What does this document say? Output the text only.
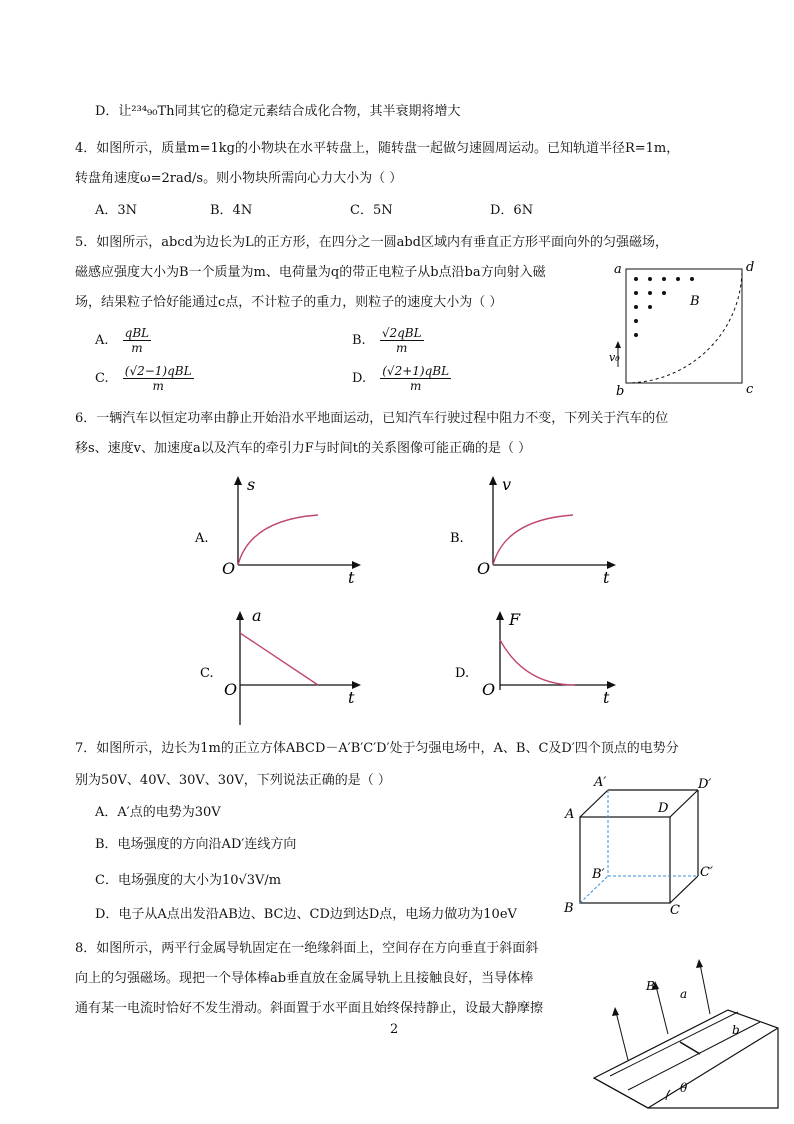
D．让²³⁴₉₀Th同其它的稳定元素结合成化合物，其半衰期将增大
4．如图所示，质量m=1kg的小物块在水平转盘上，随转盘一起做匀速圆周运动。已知轨道半径R=1m，
转盘角速度ω=2rad/s。则小物块所需向心力大小为（ ）
A．3N	B．4N	C．5N	D．6N
5．如图所示，abcd为边长为L的正方形，在四分之一圆abd区域内有垂直正方形平面向外的匀强磁场，
磁感应强度大小为B一个质量为m、电荷量为q的带正电粒子从b点沿ba方向射入磁
场，结果粒子恰好能通过c点，不计粒子的重力，则粒子的速度大小为（ ）
A. $\frac{\text{qBL}}{m}$	B. $\frac{\text{√2qBL}}{m}$
C. $\frac{\text{(√2−1)qBL}}{m}$	D. $\frac{\text{(√2+1)qBL}}{m}$
a	d
b	c
B
v₀
6．一辆汽车以恒定功率由静止开始沿水平地面运动，已知汽车行驶过程中阻力不变，下列关于汽车的位
移s、速度v、加速度a以及汽车的牵引力F与时间t的关系图像可能正确的是（ ）
A.
s
t
O
B.
v
t
O
C.
a
t
O
D.
F
t
O
7．如图所示，边长为1m的正立方体ABCD－A′B′C′D′处于匀强电场中，A、B、C及D′四个顶点的电势分
别为50V、40V、30V、30V，下列说法正确的是（ ）
A．A′点的电势为30V
B．电场强度的方向沿AD′连线方向
C．电场强度的大小为10√3V/m
D．电子从A点出发沿AB边、BC边、CD边到达D点，电场力做功为10eV
A′	D′
A	D
B′	C′
B	C
8．如图所示，两平行金属导轨固定在一绝缘斜面上，空间存在方向垂直于斜面斜
向上的匀强磁场。现把一个导体棒ab垂直放在金属导轨上且接触良好，当导体棒
通有某一电流时恰好不发生滑动。斜面置于水平面且始终保持静止，设最大静摩擦
B
a
b
θ
2
